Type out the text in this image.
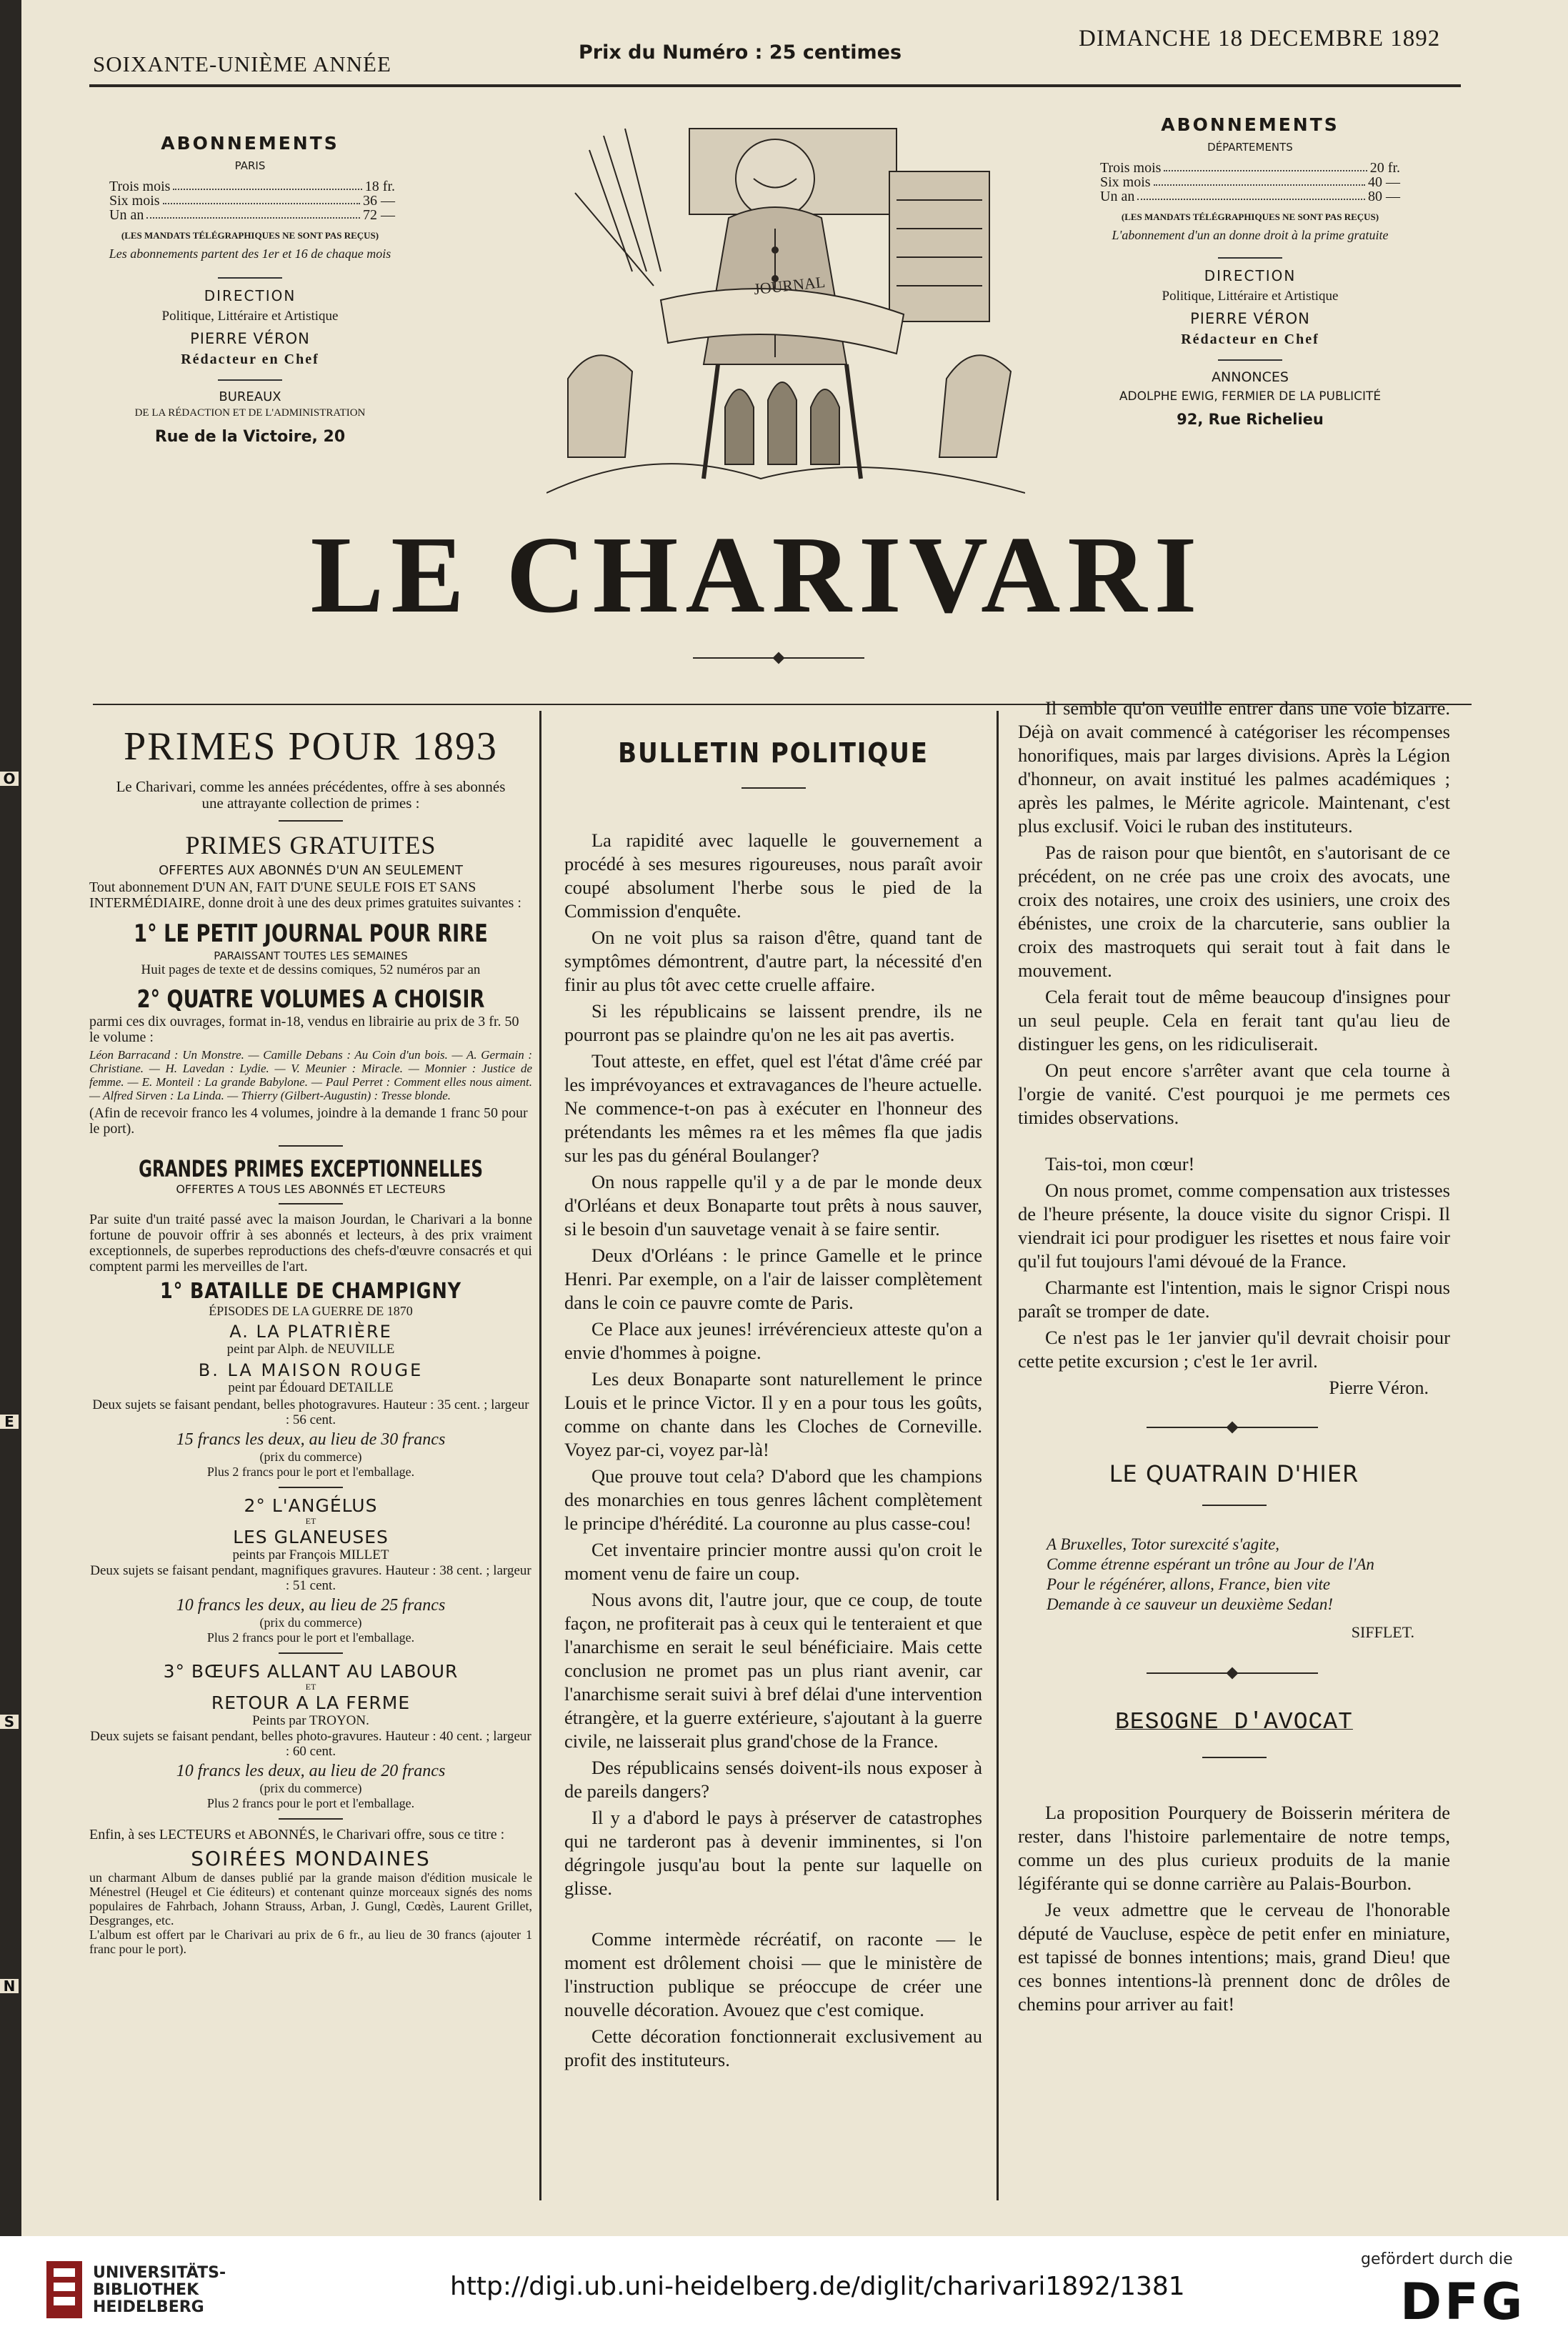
O
E
N
S
SOIXANTE-UNIÈME ANNÉE	Prix du Numéro : 25 centimes
DIMANCHE 18 DECEMBRE 1892
ABONNEMENTS
PARIS
Trois mois	18 fr.
Six mois	36 —
Un an	72 —
(LES MANDATS TÉLÉGRAPHIQUES NE SONT PAS REÇUS)
Les abonnements partent des 1er et 16 de chaque mois
DIRECTION
Politique, Littéraire et Artistique
PIERRE VÉRON
Rédacteur en Chef
BUREAUX
DE LA RÉDACTION ET DE L'ADMINISTRATION
Rue de la Victoire, 20
ABONNEMENTS
DÉPARTEMENTS
Trois mois	20 fr.
Six mois	40 —
Un an	80 —
(LES MANDATS TÉLÉGRAPHIQUES NE SONT PAS REÇUS)
L'abonnement d'un an donne droit à la prime gratuite
DIRECTION
Politique, Littéraire et Artistique
PIERRE VÉRON
Rédacteur en Chef
ANNONCES
ADOLPHE EWIG, FERMIER DE LA PUBLICITÉ
92, Rue Richelieu
JOURNAL
LE CHARIVARI
PRIMES POUR 1893
Le Charivari, comme les années précédentes, offre à ses abonnés une attrayante collection de primes :
PRIMES GRATUITES
OFFERTES AUX ABONNÉS D'UN AN SEULEMENT
Tout abonnement D'UN AN, FAIT D'UNE SEULE FOIS ET SANS INTERMÉDIAIRE, donne droit à une des deux primes gratuites suivantes :
1° LE PETIT JOURNAL POUR RIRE
PARAISSANT TOUTES LES SEMAINES
Huit pages de texte et de dessins comiques, 52 numéros par an
2° QUATRE VOLUMES A CHOISIR
parmi ces dix ouvrages, format in-18, vendus en librairie au prix de 3 fr. 50 le volume :
Léon Barracand : Un Monstre. — Camille Debans : Au Coin d'un bois. — A. Germain : Christiane. — H. Lavedan : Lydie. — V. Meunier : Miracle. — Monnier : Justice de femme. — E. Monteil : La grande Babylone. — Paul Perret : Comment elles nous aiment. — Alfred Sirven : La Linda. — Thierry (Gilbert-Augustin) : Tresse blonde.
(Afin de recevoir franco les 4 volumes, joindre à la demande 1 franc 50 pour le port).
GRANDES PRIMES EXCEPTIONNELLES
OFFERTES A TOUS LES ABONNÉS ET LECTEURS
Par suite d'un traité passé avec la maison Jourdan, le Charivari a la bonne fortune de pouvoir offrir à ses abonnés et lecteurs, à des prix vraiment exceptionnels, de superbes reproductions des chefs-d'œuvre consacrés et qui comptent parmi les merveilles de l'art.
1° BATAILLE DE CHAMPIGNY
ÉPISODES DE LA GUERRE DE 1870
A. LA PLATRIÈRE
peint par Alph. de NEUVILLE
B. LA MAISON ROUGE
peint par Édouard DETAILLE
Deux sujets se faisant pendant, belles photogravures. Hauteur : 35 cent. ; largeur : 56 cent.
15 francs les deux, au lieu de 30 francs
(prix du commerce)
Plus 2 francs pour le port et l'emballage.
2° L'ANGÉLUS
ET
LES GLANEUSES
peints par François MILLET
Deux sujets se faisant pendant, magnifiques gravures. Hauteur : 38 cent. ; largeur : 51 cent.
10 francs les deux, au lieu de 25 francs
(prix du commerce)
Plus 2 francs pour le port et l'emballage.
3° BŒUFS ALLANT AU LABOUR
ET
RETOUR A LA FERME
Peints par TROYON.
Deux sujets se faisant pendant, belles photo-gravures. Hauteur : 40 cent. ; largeur : 60 cent.
10 francs les deux, au lieu de 20 francs
(prix du commerce)
Plus 2 francs pour le port et l'emballage.
Enfin, à ses LECTEURS et ABONNÉS, le Charivari offre, sous ce titre :
SOIRÉES MONDAINES
un charmant Album de danses publié par la grande maison d'édition musicale le Ménestrel (Heugel et Cie éditeurs) et contenant quinze morceaux signés des noms populaires de Fahrbach, Johann Strauss, Arban, J. Gungl, Cœdès, Laurent Grillet, Desgranges, etc.
L'album est offert par le Charivari au prix de 6 fr., au lieu de 30 francs (ajouter 1 franc pour le port).
BULLETIN POLITIQUE

La rapidité avec laquelle le gouvernement a procédé à ses mesures rigoureuses, nous paraît avoir coupé absolument l'herbe sous le pied de la Commission d'enquête.

On ne voit plus sa raison d'être, quand tant de symptômes démontrent, d'autre part, la nécessité d'en finir au plus tôt avec cette cruelle affaire.

Si les républicains se laissent prendre, ils ne pourront pas se plaindre qu'on ne les ait pas avertis.

Tout atteste, en effet, quel est l'état d'âme créé par les imprévoyances et extravagances de l'heure actuelle. Ne commence-t-on pas à exécuter en l'honneur des prétendants les mêmes ra et les mêmes fla que jadis sur les pas du général Boulanger?

On nous rappelle qu'il y a de par le monde deux d'Orléans et deux Bonaparte tout prêts à nous sauver, si le besoin d'un sauvetage venait à se faire sentir.

Deux d'Orléans : le prince Gamelle et le prince Henri. Par exemple, on a l'air de laisser complètement dans le coin ce pauvre comte de Paris.

Ce Place aux jeunes! irrévérencieux atteste qu'on a envie d'hommes à poigne.

Les deux Bonaparte sont naturellement le prince Louis et le prince Victor. Il y en a pour tous les goûts, comme on chante dans les Cloches de Corneville. Voyez par-ci, voyez par-là!

Que prouve tout cela? D'abord que les champions des monarchies en tous genres lâchent complètement le principe d'hérédité. La couronne au plus casse-cou!

Cet inventaire princier montre aussi qu'on croit le moment venu de faire un coup.

Nous avons dit, l'autre jour, que ce coup, de toute façon, ne profiterait pas à ceux qui le tenteraient et que l'anarchisme en serait le seul bénéficiaire. Mais cette conclusion ne promet pas un plus riant avenir, car l'anarchisme serait suivi à bref délai d'une intervention étrangère, et la guerre extérieure, s'ajoutant à la guerre civile, ne laisserait plus grand'chose de la France.

Des républicains sensés doivent-ils nous exposer à de pareils dangers?

Il y a d'abord le pays à préserver de catastrophes qui ne tarderont pas à devenir imminentes, si l'on dégringole jusqu'au bout la pente sur laquelle on glisse.

Comme intermède récréatif, on raconte — le moment est drôlement choisi — que le ministère de l'instruction publique se préoccupe de créer une nouvelle décoration. Avouez que c'est comique.

Cette décoration fonctionnerait exclusivement au profit des instituteurs.

Il semble qu'on veuille entrer dans une voie bizarre. Déjà on avait commencé à catégoriser les récompenses honorifiques, mais par larges divisions. Après la Légion d'honneur, on avait institué les palmes académiques ; après les palmes, le Mérite agricole. Maintenant, c'est plus exclusif. Voici le ruban des instituteurs.

Pas de raison pour que bientôt, en s'autorisant de ce précédent, on ne crée pas une croix des avocats, une croix des notaires, une croix des usiniers, une croix des ébénistes, une croix de la charcuterie, sans oublier la croix des mastroquets qui serait tout à fait dans le mouvement.

Cela ferait tout de même beaucoup d'insignes pour un seul peuple. Cela en ferait tant qu'au lieu de distinguer les gens, on les ridiculiserait.

On peut encore s'arrêter avant que cela tourne à l'orgie de vanité. C'est pourquoi je me permets ces timides observations.

Tais-toi, mon cœur!

On nous promet, comme compensation aux tristesses de l'heure présente, la douce visite du signor Crispi. Il viendrait ici pour prodiguer les risettes et nous faire voir qu'il fut toujours l'ami dévoué de la France.

Charmante est l'intention, mais le signor Crispi nous paraît se tromper de date.

Ce n'est pas le 1er janvier qu'il devrait choisir pour cette petite excursion ; c'est le 1er avril.

Pierre Véron.
LE QUATRAIN D'HIER
A Bruxelles, Totor surexcité s'agite,
Comme étrenne espérant un trône au Jour de l'An
Pour le régénérer, allons, France, bien vite
Demande à ce sauveur un deuxième Sedan!
SIFFLET.
BESOGNE D'AVOCAT

La proposition Pourquery de Boisserin méritera de rester, dans l'histoire parlementaire de notre temps, comme un des plus curieux produits de la manie légiférante qui se donne carrière au Palais-Bourbon.

Je veux admettre que le cerveau de l'honorable député de Vaucluse, espèce de petit enfer en miniature, est tapissé de bonnes intentions; mais, grand Dieu! que ces bonnes intentions-là prennent donc de drôles de chemins pour arriver au fait!

UNIVERSITÄTS-
BIBLIOTHEK
HEIDELBERG
http://digi.ub.uni-heidelberg.de/diglit/charivari1892/1381
gefördert durch die
DFG
